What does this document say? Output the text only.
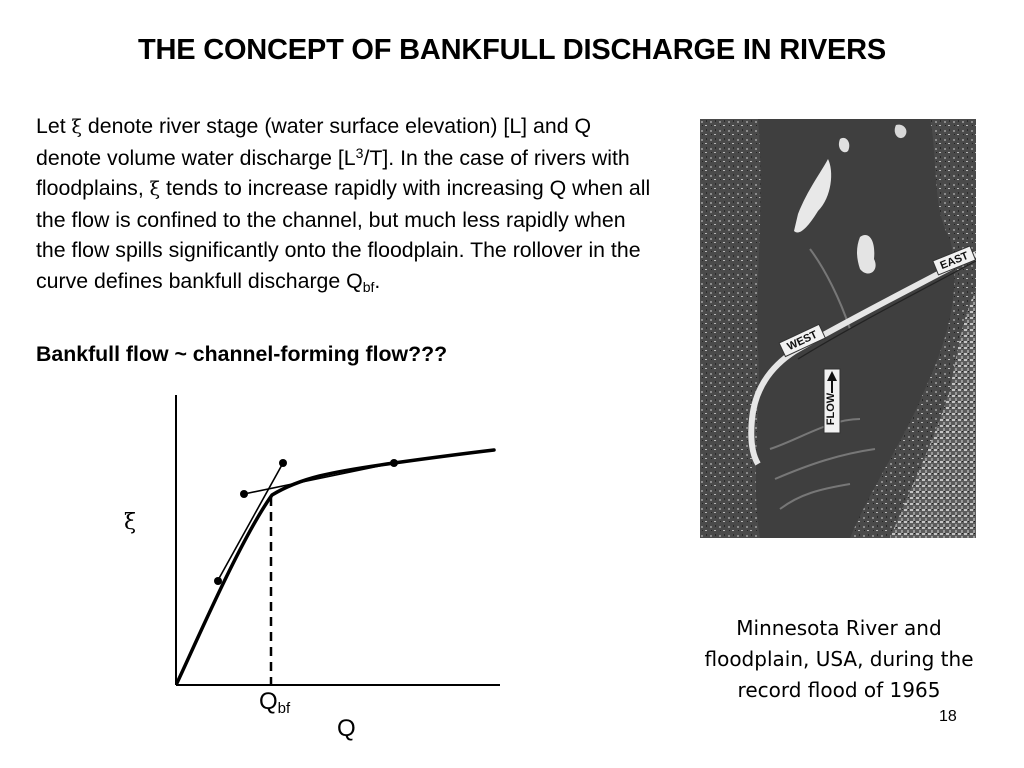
THE CONCEPT OF BANKFULL DISCHARGE IN RIVERS
Let ξ denote river stage (water surface elevation) [L] and Q denote volume water discharge $[L^3/T]$. In the case of rivers with floodplains, ξ tends to increase rapidly with increasing Q when all the flow is confined to the channel, but much less rapidly when the flow spills significantly onto the floodplain. The rollover in the curve defines bankfull discharge $Q_{bf}$.
Bankfull flow ~ channel-forming flow???
ξ
$Q_{bf}$
Q
EAST
WEST
FLOW
Minnesota River and
floodplain, USA, during the
record flood of 1965
18
